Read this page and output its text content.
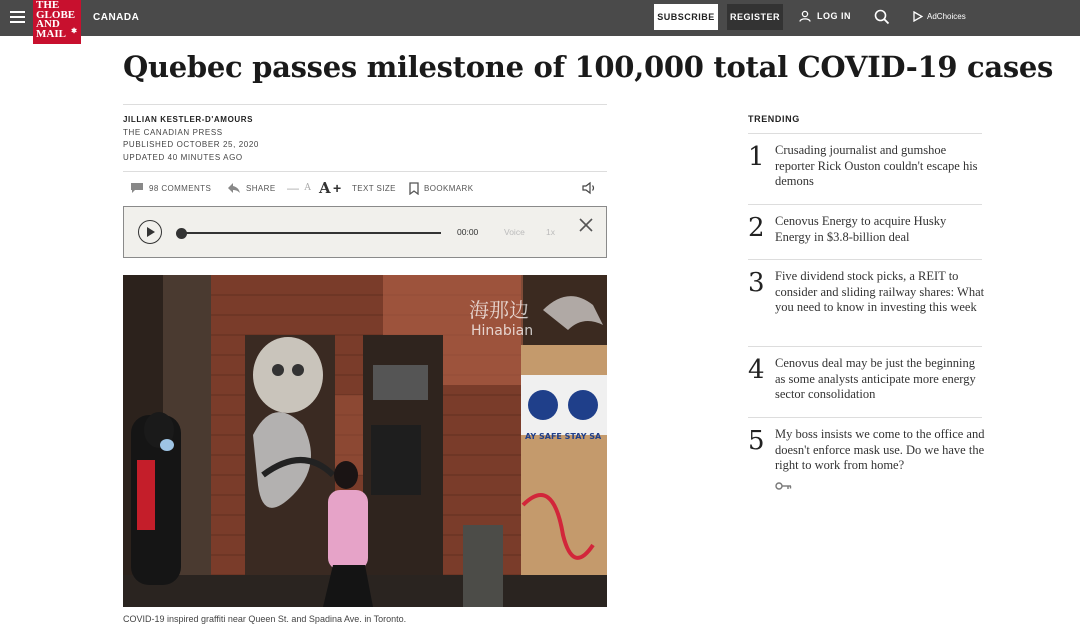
THE
GLOBE
AND
MAIL ✱
CANADA	SUBSCRIBE	REGISTER	LOG IN	AdChoices
Quebec passes milestone of 100,000 total COVID-19 cases
JILLIAN KESTLER-D'AMOURS
THE CANADIAN PRESS
PUBLISHED OCTOBER 25, 2020
UPDATED 40 MINUTES AGO
98 COMMENTS	SHARE — A A + TEXT SIZE	BOOKMARK
00:00	Voice 1x
AY SAFE STAY SA
海那边
Hinabian
COVID-19 inspired graffiti near Queen St. and Spadina Ave. in Toronto.
TRENDING
1 Crusading journalist and gumshoe reporter Rick Ouston couldn't escape his demons
2 Cenovus Energy to acquire Husky Energy in $3.8-billion deal
3 Five dividend stock picks, a REIT to consider and sliding railway shares: What you need to know in investing this week
4 Cenovus deal may be just the beginning as some analysts anticipate more energy sector consolidation
5 My boss insists we come to the office and doesn't enforce mask use. Do we have the right to work from home?
